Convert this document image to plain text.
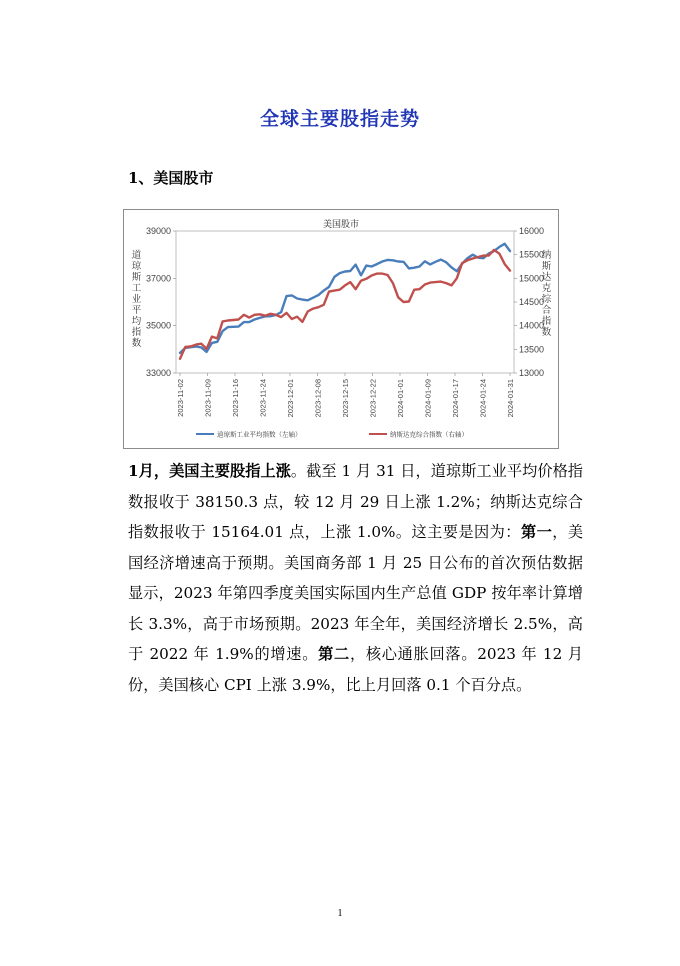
全球主要股指走势
1、美国股市
美国股市
39000
37000
35000
33000
16000
15500
15000
14500
14000
13500
13000
2023-11-02 2023-11-09 2023-11-16 2023-11-24 2023-12-01 2023-12-08 2023-12-15 2023-12-22 2024-01-01 2024-01-09 2024-01-17 2024-01-24 2024-01-31
道琼斯工业平均指数（左轴）	纳斯达克综合指数（右轴）
道琼斯工业平均指数
纳斯达克综合指数
1月，美国主要股指上涨。截至 1 月 31 日，道琼斯工业平均价格指数报收于 38150.3 点，较 12 月 29 日上涨 1.2%；纳斯达克综合指数报收于 15164.01 点，上涨 1.0%。这主要是因为：第一，美国经济增速高于预期。美国商务部 1 月 25 日公布的首次预估数据显示，2023 年第四季度美国实际国内生产总值 GDP 按年率计算增长 3.3%，高于市场预期。2023 年全年，美国经济增长 2.5%，高于 2022 年 1.9%的增速。第二，核心通胀回落。2023 年 12 月份，美国核心 CPI 上涨 3.9%，比上月回落 0.1 个百分点。
1
